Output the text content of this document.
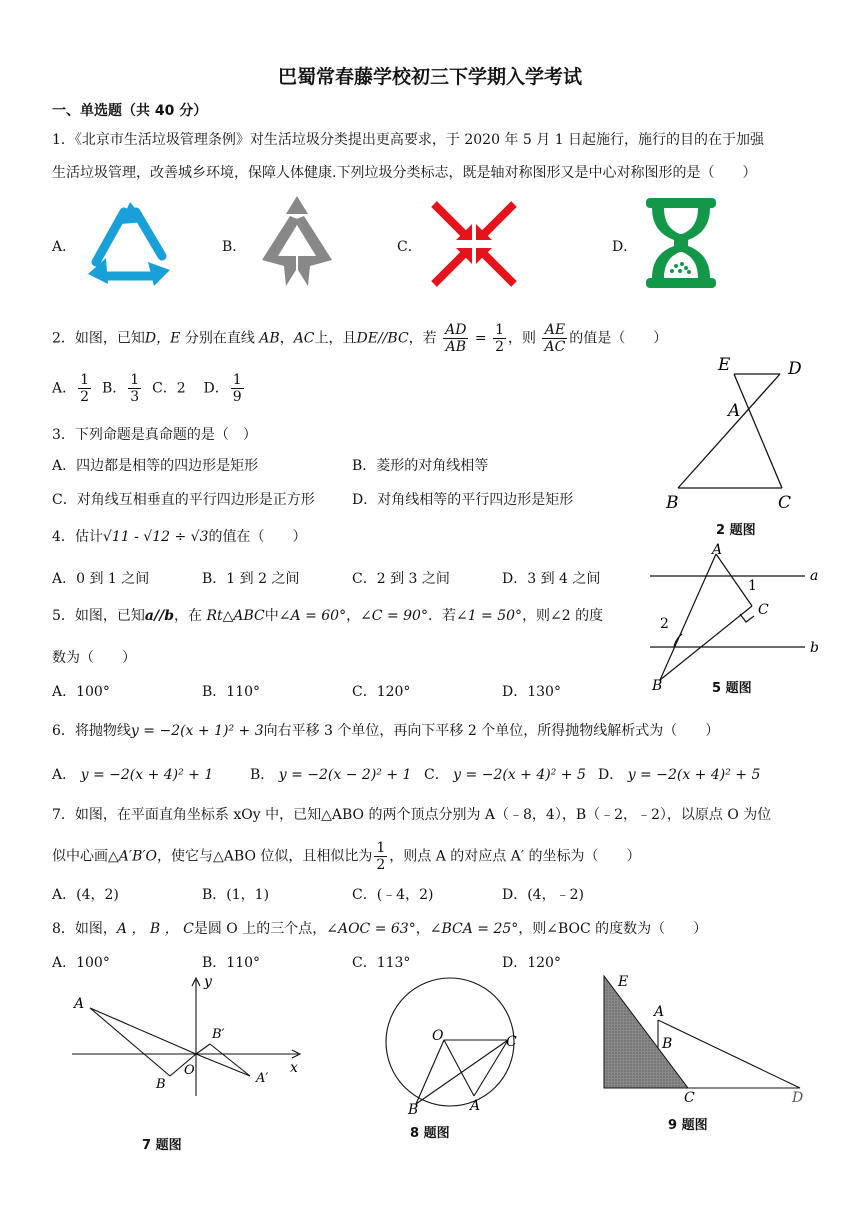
巴蜀常春藤学校初三下学期入学考试
一、单选题（共 40 分）
1．《北京市生活垃圾管理条例》对生活垃圾分类提出更高要求，于 2020 年 5 月 1 日起施行，施行的目的在于加强
生活垃圾管理，改善城乡环境，保障人体健康.下列垃圾分类标志，既是轴对称图形又是中心对称图形的是（　　）
A．	B．	C．	D．
2．如图，已知D，E 分别在直线 AB，AC上，且DE//BC，若 $\frac{AD}{AB} = \frac{1}{2}$ ，则 $\frac{AE}{AC}$ 的值是（　　）
A． $\frac{1}{2}$ B． $\frac{1}{3}$ C．2 D． $\frac{1}{9}$
E	D
A
B	C
2 题图
3．下列命题是真命题的是（　）
A．四边都是相等的四边形是矩形	B．菱形的对角线相等
C．对角线互相垂直的平行四边形是正方形	D．对角线相等的平行四边形是矩形
4．估计√11 - √12 ÷ √3的值在（　　）
A．0 到 1 之间	B．1 到 2 之间	C．2 到 3 之间	D．3 到 4 之间
5．如图，已知a//b，在 Rt△ABC中∠A = 60°，∠C = 90°．若∠1 = 50°，则∠2 的度
数为（　　）
A．100°	B．110°	C．120°	D．130°
A
1
C
a
2
b
B	5 题图
6．将抛物线y = −2(x + 1)² + 3向右平移 3 个单位，再向下平移 2 个单位，所得抛物线解析式为（　　）
A． y = −2(x + 4)² + 1	B． y = −2(x − 2)² + 1 C． y = −2(x + 4)² + 5 D． y = −2(x + 4)² + 5
7．如图，在平面直角坐标系 xOy 中，已知△ABO 的两个顶点分别为 A（﹣8，4），B（﹣2，﹣2），以原点 O 为位
似中心画△A′B′O，使它与△ABO 位似，且相似比为 $\frac{1}{2}$ ，则点 A 的对应点 A′ 的坐标为（　　）
A．(4，2)	B．(1，1)	C．(﹣4，2)	D．(4，﹣2)
8．如图，A ， B ， C是圆 O 上的三个点，∠AOC = 63°，∠BCA = 25°，则∠BOC 的度数为（　　）
A．100°	B．110°	C．113°	D．120°
A
y
B′
B
O
A′
x
7 题图
O	C
B	A
8 题图
E
A
B
C	D
9 题图
